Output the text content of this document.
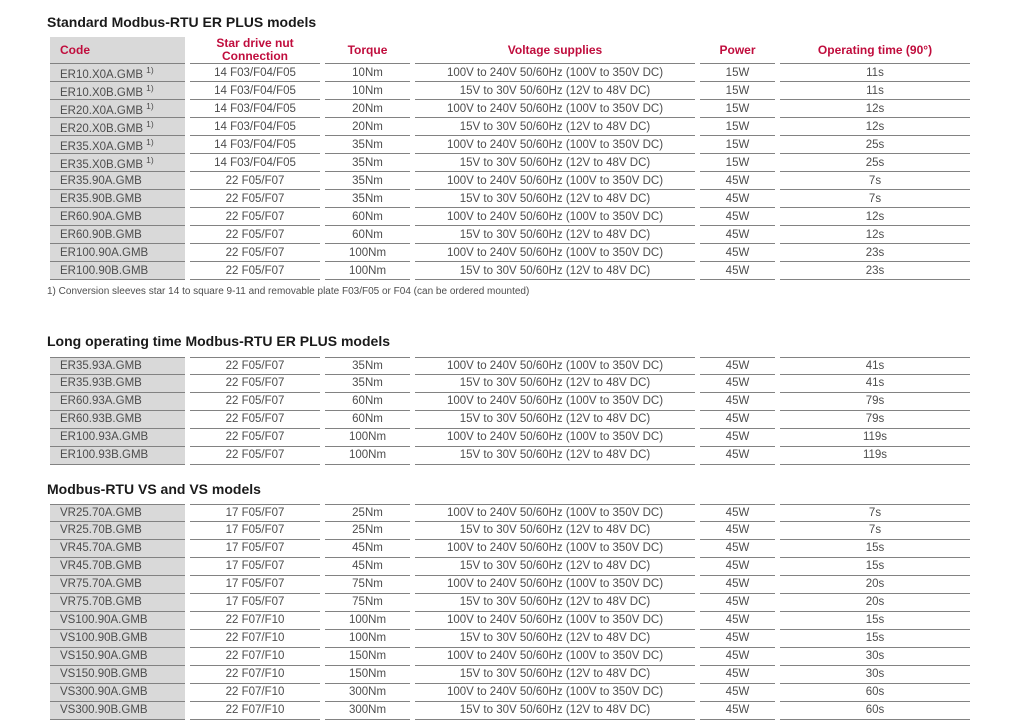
Standard Modbus-RTU ER PLUS models
Code	Star drive nut Connection	Torque	Voltage supplies	Power	Operating time (90°)
ER10.X0A.GMB $^{1)}$	14 F03/F04/F05	10Nm	100V to 240V 50/60Hz (100V to 350V DC)	15W	11s
ER10.X0B.GMB $^{1)}$	14 F03/F04/F05	10Nm	15V to 30V 50/60Hz (12V to 48V DC)	15W	11s
ER20.X0A.GMB $^{1)}$	14 F03/F04/F05	20Nm	100V to 240V 50/60Hz (100V to 350V DC)	15W	12s
ER20.X0B.GMB $^{1)}$	14 F03/F04/F05	20Nm	15V to 30V 50/60Hz (12V to 48V DC)	15W	12s
ER35.X0A.GMB $^{1)}$	14 F03/F04/F05	35Nm	100V to 240V 50/60Hz (100V to 350V DC)	15W	25s
ER35.X0B.GMB $^{1)}$	14 F03/F04/F05	35Nm	15V to 30V 50/60Hz (12V to 48V DC)	15W	25s
ER35.90A.GMB	22 F05/F07	35Nm	100V to 240V 50/60Hz (100V to 350V DC)	45W	7s
ER35.90B.GMB	22 F05/F07	35Nm	15V to 30V 50/60Hz (12V to 48V DC)	45W	7s
ER60.90A.GMB	22 F05/F07	60Nm	100V to 240V 50/60Hz (100V to 350V DC)	45W	12s
ER60.90B.GMB	22 F05/F07	60Nm	15V to 30V 50/60Hz (12V to 48V DC)	45W	12s
ER100.90A.GMB	22 F05/F07	100Nm	100V to 240V 50/60Hz (100V to 350V DC)	45W	23s
ER100.90B.GMB	22 F05/F07	100Nm	15V to 30V 50/60Hz (12V to 48V DC)	45W	23s

1) Conversion sleeves star 14 to square 9-11 and removable plate F03/F05 or F04 (can be ordered mounted)

Long operating time Modbus-RTU ER PLUS models
ER35.93A.GMB	22 F05/F07	35Nm	100V to 240V 50/60Hz (100V to 350V DC)	45W	41s
ER35.93B.GMB	22 F05/F07	35Nm	15V to 30V 50/60Hz (12V to 48V DC)	45W	41s
ER60.93A.GMB	22 F05/F07	60Nm	100V to 240V 50/60Hz (100V to 350V DC)	45W	79s
ER60.93B.GMB	22 F05/F07	60Nm	15V to 30V 50/60Hz (12V to 48V DC)	45W	79s
ER100.93A.GMB	22 F05/F07	100Nm	100V to 240V 50/60Hz (100V to 350V DC)	45W	119s
ER100.93B.GMB	22 F05/F07	100Nm	15V to 30V 50/60Hz (12V to 48V DC)	45W	119s
Modbus-RTU VS and VS models
VR25.70A.GMB	17 F05/F07	25Nm	100V to 240V 50/60Hz (100V to 350V DC)	45W	7s
VR25.70B.GMB	17 F05/F07	25Nm	15V to 30V 50/60Hz (12V to 48V DC)	45W	7s
VR45.70A.GMB	17 F05/F07	45Nm	100V to 240V 50/60Hz (100V to 350V DC)	45W	15s
VR45.70B.GMB	17 F05/F07	45Nm	15V to 30V 50/60Hz (12V to 48V DC)	45W	15s
VR75.70A.GMB	17 F05/F07	75Nm	100V to 240V 50/60Hz (100V to 350V DC)	45W	20s
VR75.70B.GMB	17 F05/F07	75Nm	15V to 30V 50/60Hz (12V to 48V DC)	45W	20s
VS100.90A.GMB	22 F07/F10	100Nm	100V to 240V 50/60Hz (100V to 350V DC)	45W	15s
VS100.90B.GMB	22 F07/F10	100Nm	15V to 30V 50/60Hz (12V to 48V DC)	45W	15s
VS150.90A.GMB	22 F07/F10	150Nm	100V to 240V 50/60Hz (100V to 350V DC)	45W	30s
VS150.90B.GMB	22 F07/F10	150Nm	15V to 30V 50/60Hz (12V to 48V DC)	45W	30s
VS300.90A.GMB	22 F07/F10	300Nm	100V to 240V 50/60Hz (100V to 350V DC)	45W	60s
VS300.90B.GMB	22 F07/F10	300Nm	15V to 30V 50/60Hz (12V to 48V DC)	45W	60s
